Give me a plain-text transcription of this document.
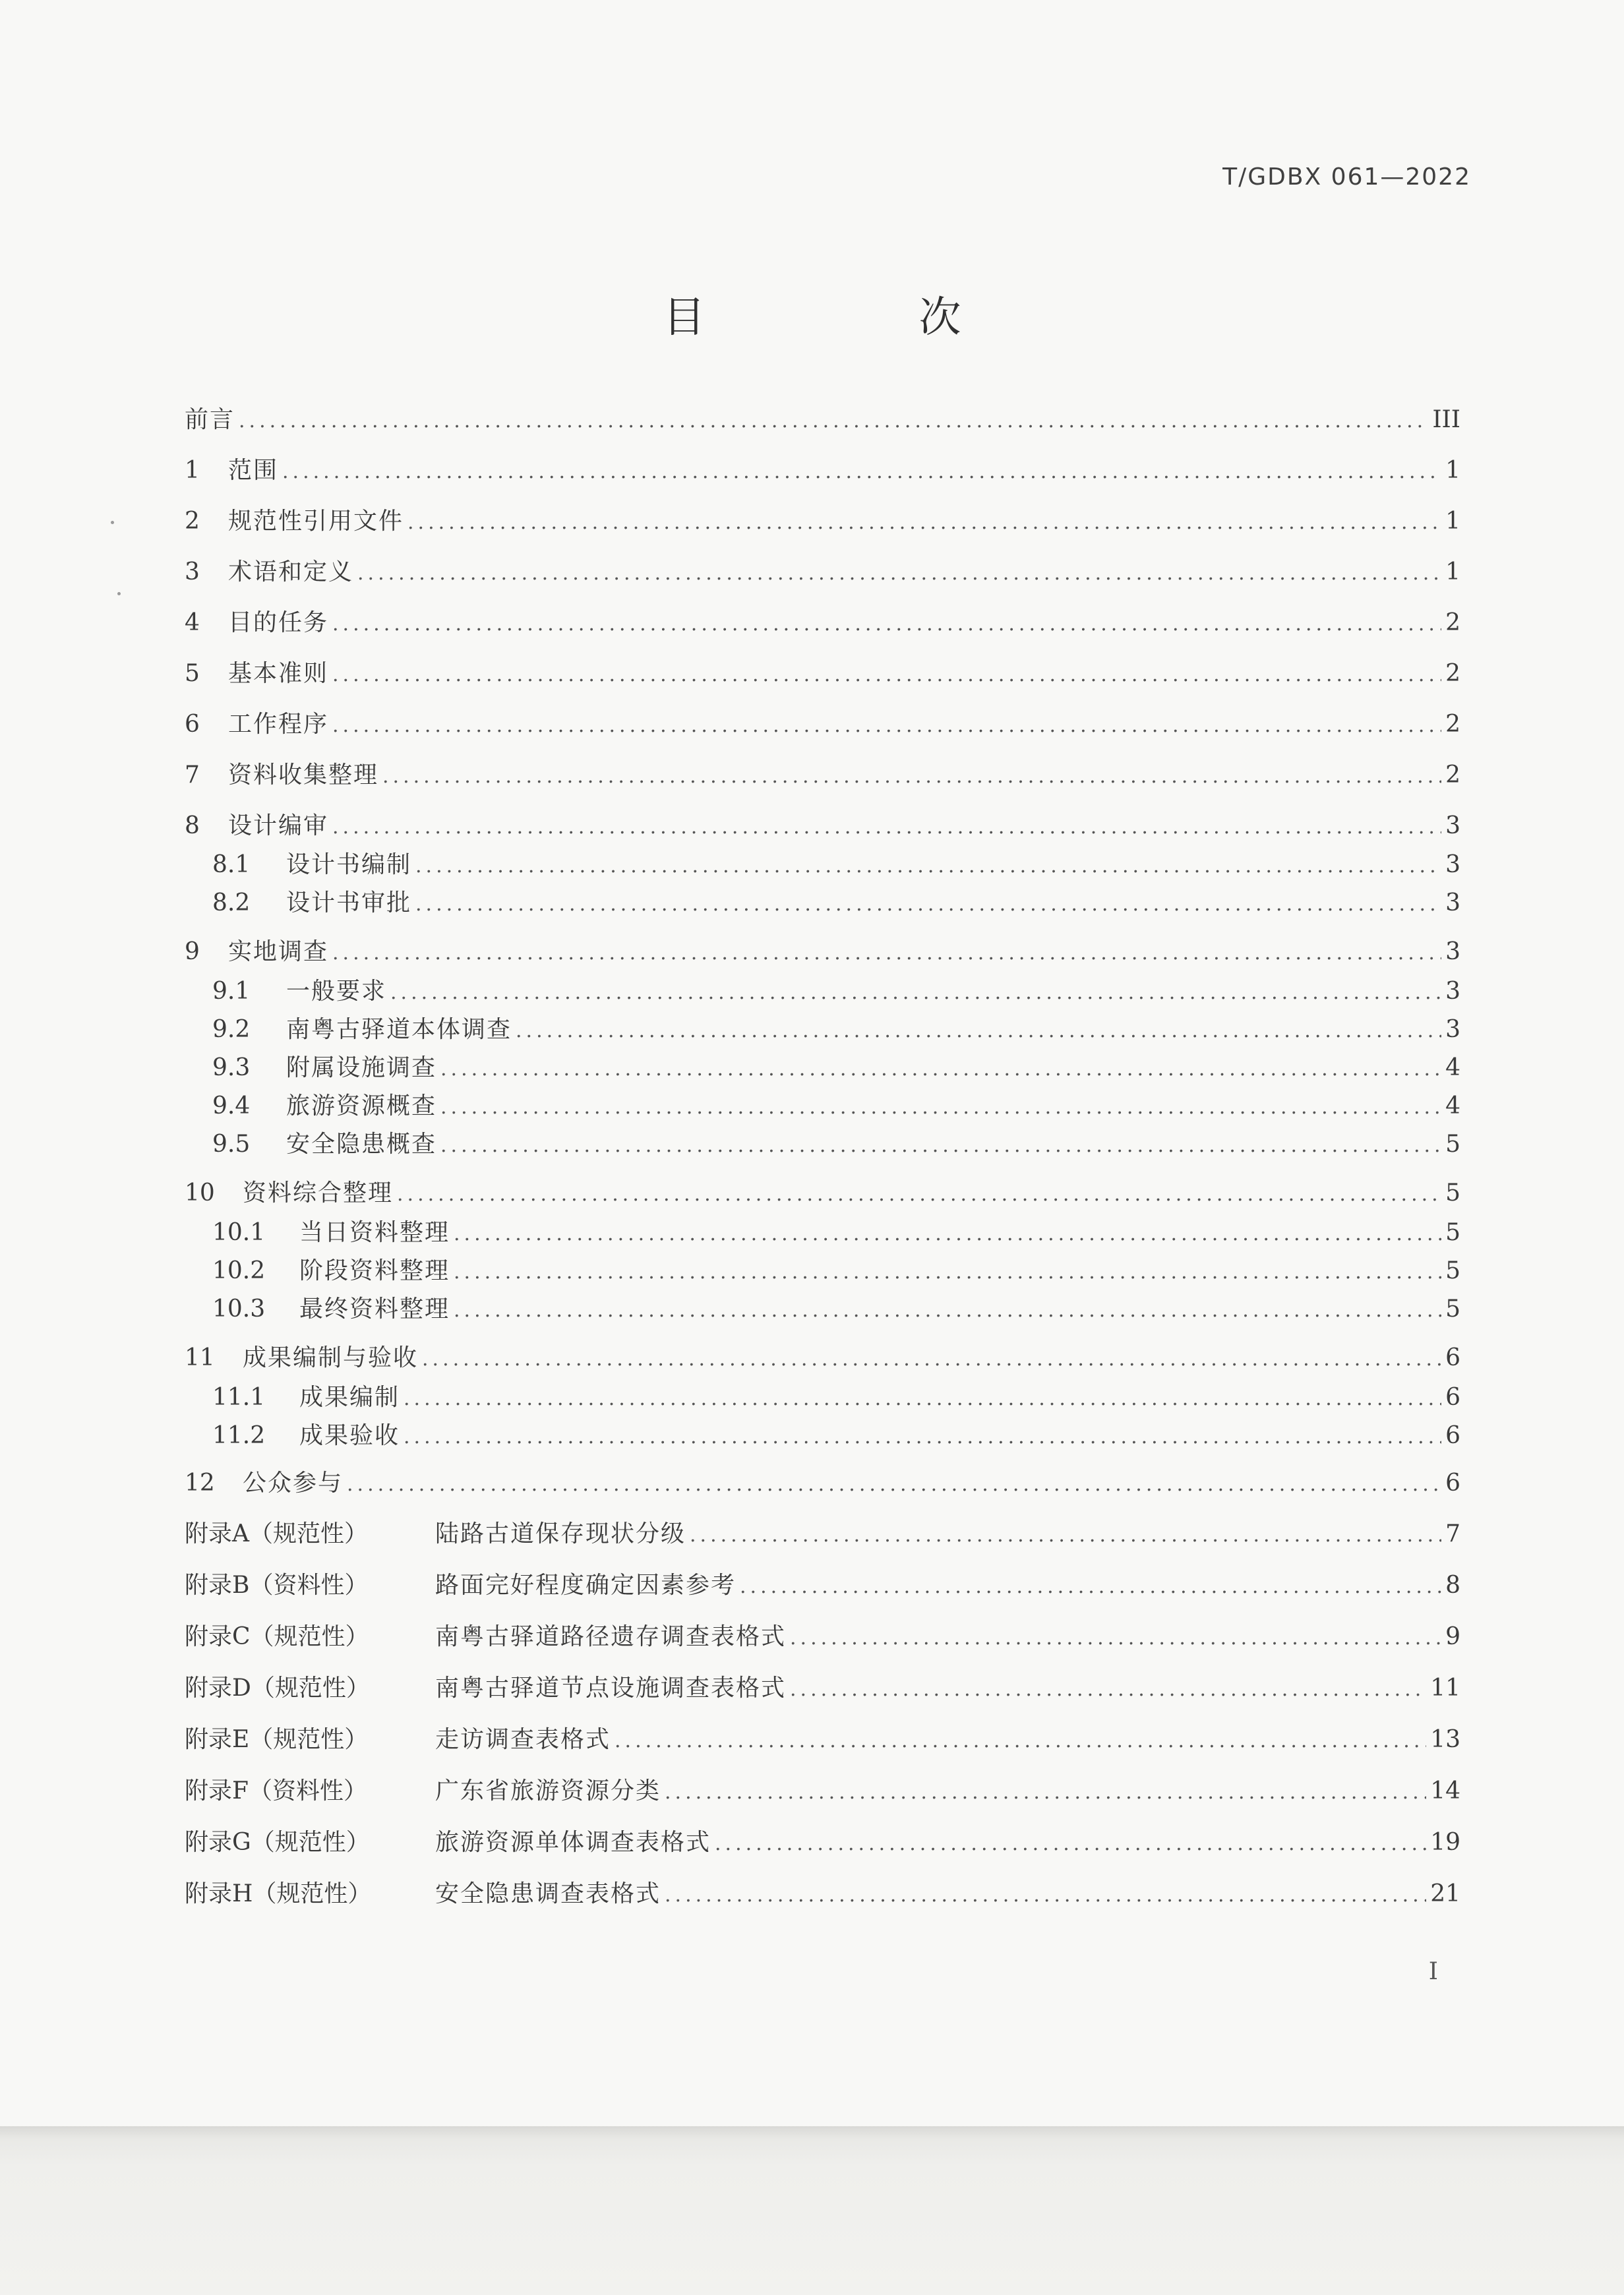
T/GDBX 061—2022
目　次
前言 .....	III
1	范围 .....	1
2	规范性引用文件 .....	1
3	术语和定义 .....	1
4	目的任务 .....	2
5	基本准则 .....	2
6	工作程序 .....	2
7	资料收集整理 .....	2
8	设计编审 .....	3
8.1	设计书编制 .....	3
8.2	设计书审批 .....	3
9	实地调查 .....	3
9.1	一般要求 .....	3
9.2	南粤古驿道本体调查 .....	3
9.3	附属设施调查 .....	4
9.4	旅游资源概查 .....	4
9.5	安全隐患概查 .....	5
10	资料综合整理 .....	5
10.1	当日资料整理 .....	5
10.2	阶段资料整理 .....	5
10.3	最终资料整理 .....	5
11	成果编制与验收 .....	6
11.1	成果编制 .....	6
11.2	成果验收 .....	6
12	公众参与 .....	6
附录A（规范性）	陆路古道保存现状分级 .....	7
附录B（资料性）	路面完好程度确定因素参考 .....	8
附录C（规范性）	南粤古驿道路径遗存调查表格式 .....	9
附录D（规范性）	南粤古驿道节点设施调查表格式 .....	11
附录E（规范性）	走访调查表格式 .....	13
附录F（资料性）	广东省旅游资源分类 .....	14
附录G（规范性）	旅游资源单体调查表格式 .....	19
附录H（规范性）	安全隐患调查表格式 .....	21
I
